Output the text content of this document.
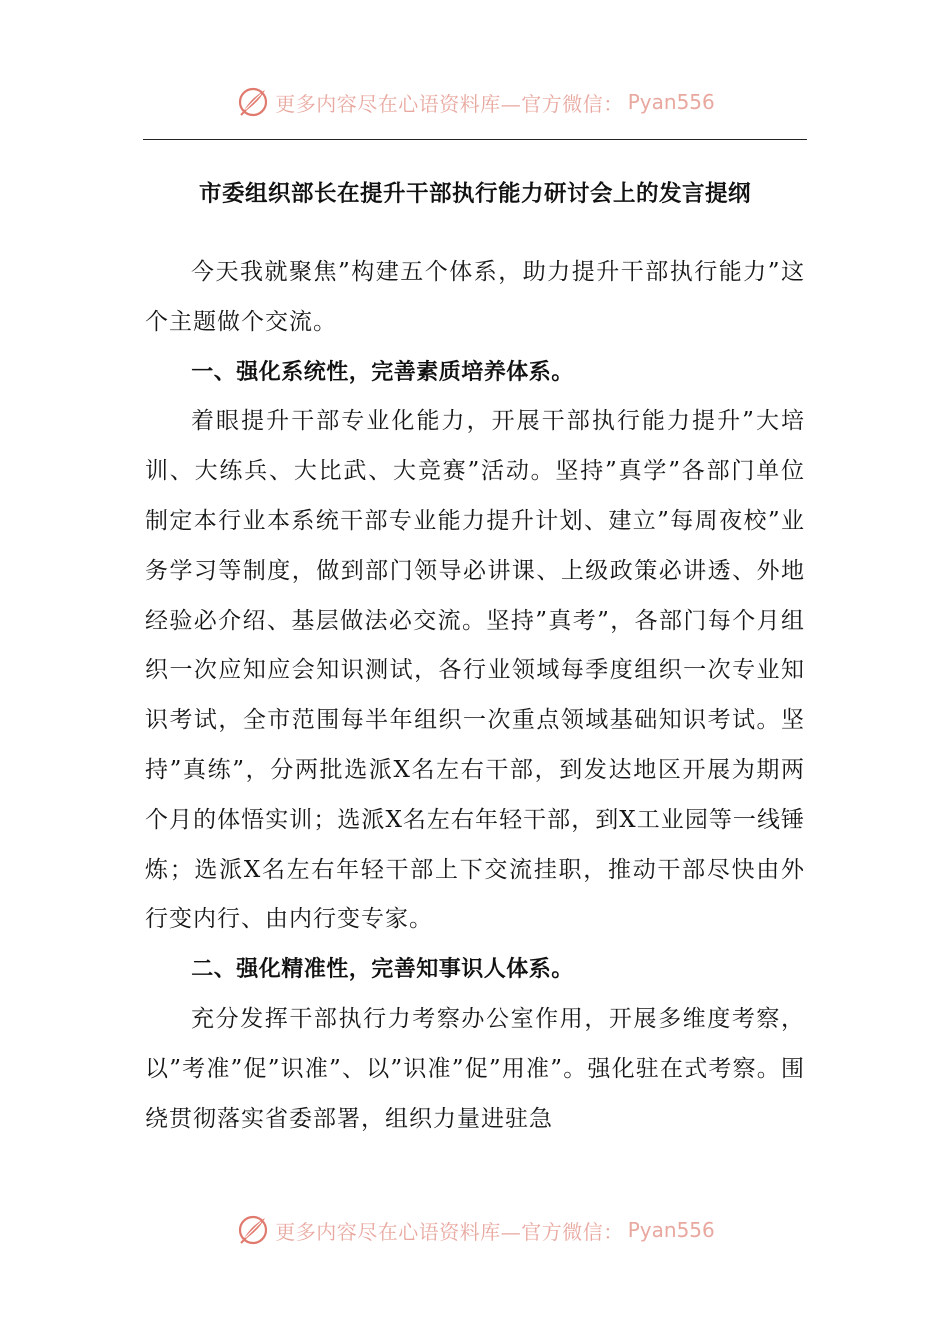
更多内容尽在心语资料库—官方微信： Pyan556
市委组织部长在提升干部执行能力研讨会上的发言提纲

今天我就聚焦”构建五个体系，助力提升干部执行能力”这个主题做个交流。

一、强化系统性，完善素质培养体系。

着眼提升干部专业化能力，开展干部执行能力提升”大培训、大练兵、大比武、大竞赛”活动。坚持”真学”各部门单位制定本行业本系统干部专业能力提升计划、建立”每周夜校”业务学习等制度，做到部门领导必讲课、上级政策必讲透、外地经验必介绍、基层做法必交流。坚持”真考”，各部门每个月组织一次应知应会知识测试，各行业领域每季度组织一次专业知识考试，全市范围每半年组织一次重点领域基础知识考试。坚持”真练”，分两批选派X名左右干部，到发达地区开展为期两个月的体悟实训；选派X名左右年轻干部，到X工业园等一线锤炼；选派X名左右年轻干部上下交流挂职，推动干部尽快由外行变内行、由内行变专家。

二、强化精准性，完善知事识人体系。

充分发挥干部执行力考察办公室作用，开展多维度考察，以”考准”促”识准”、以”识准”促”用准”。强化驻在式考察。围绕贯彻落实省委部署，组织力量进驻急

更多内容尽在心语资料库—官方微信： Pyan556
